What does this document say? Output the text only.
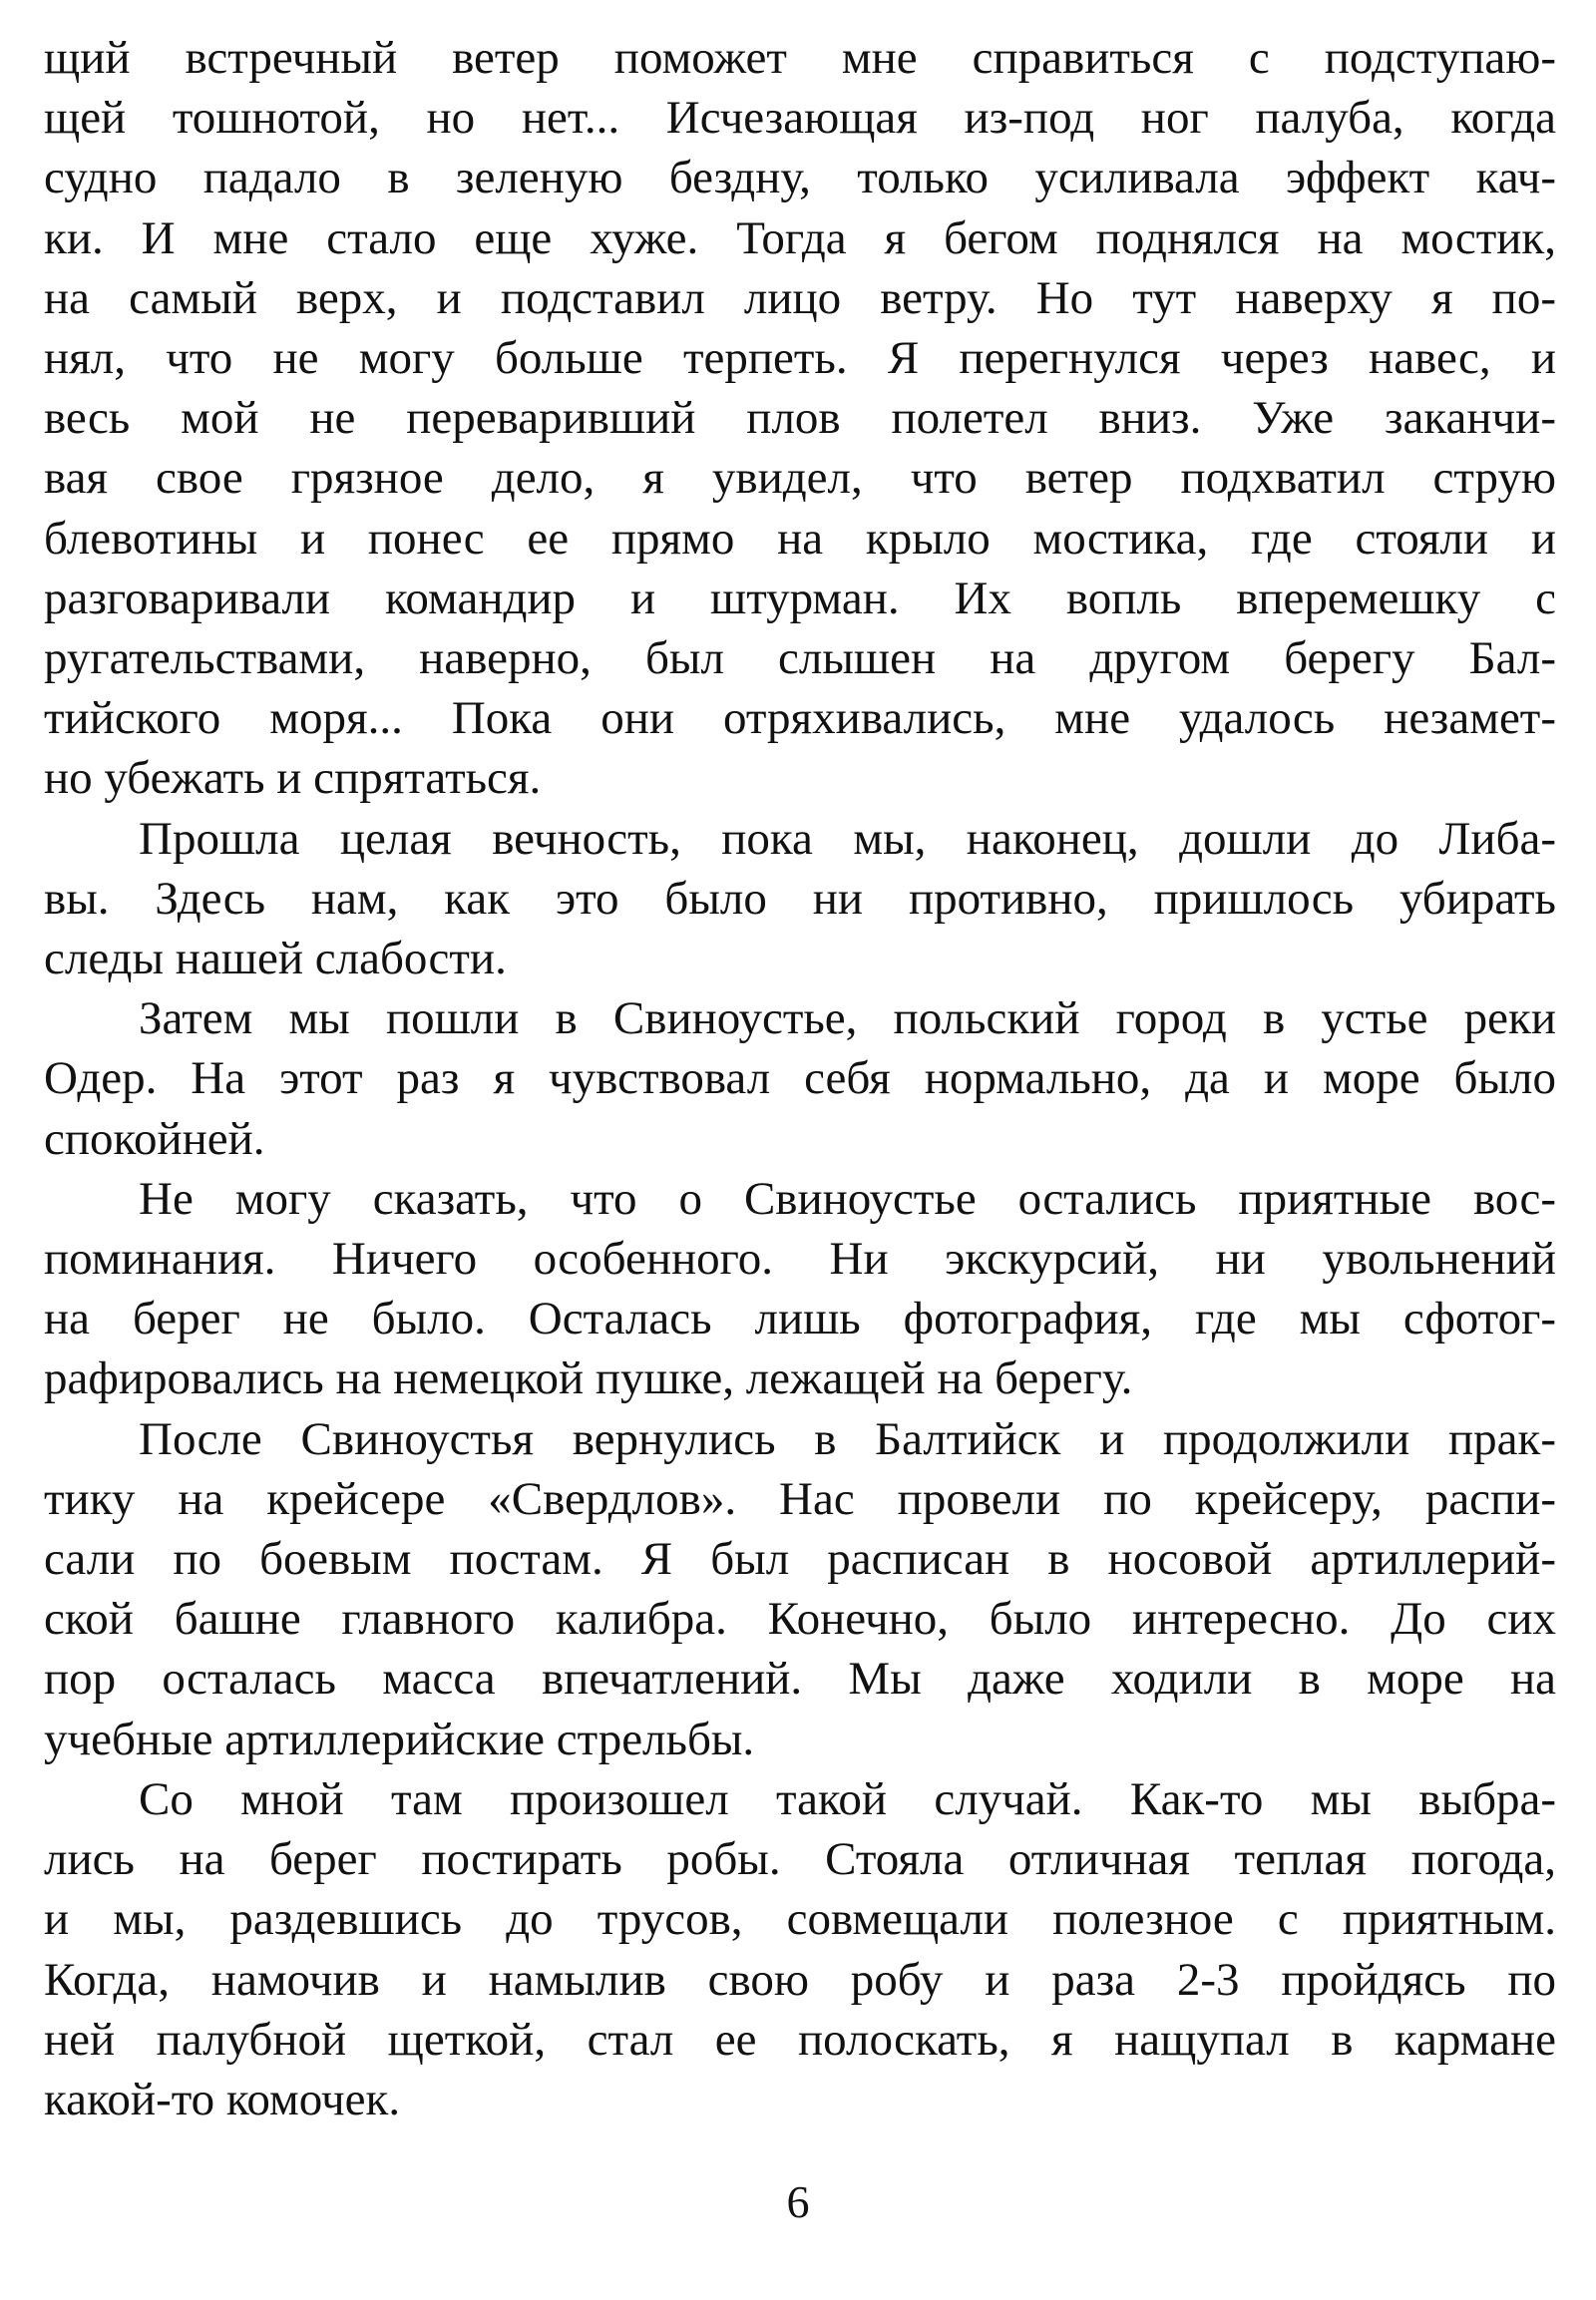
щий встречный ветер поможет мне справиться с подступаю-
щей тошнотой, но нет... Исчезающая из-под ног палуба, когда
судно падало в зеленую бездну, только усиливала эффект кач-
ки. И мне стало еще хуже. Тогда я бегом поднялся на мостик,
на самый верх, и подставил лицо ветру. Но тут наверху я по-
нял, что не могу больше терпеть. Я перегнулся через навес, и
весь мой не переваривший плов полетел вниз. Уже заканчи-
вая свое грязное дело, я увидел, что ветер подхватил струю
блевотины и понес ее прямо на крыло мостика, где стояли и
разговаривали командир и штурман. Их вопль вперемешку с
ругательствами, наверно, был слышен на другом берегу Бал-
тийского моря... Пока они отряхивались, мне удалось незамет-
но убежать и спрятаться.
Прошла целая вечность, пока мы, наконец, дошли до Либа-
вы. Здесь нам, как это было ни противно, пришлось убирать
следы нашей слабости.
Затем мы пошли в Свиноустье, польский город в устье реки
Одер. На этот раз я чувствовал себя нормально, да и море было
спокойней.
Не могу сказать, что о Свиноустье остались приятные вос-
поминания. Ничего особенного. Ни экскурсий, ни увольнений
на берег не было. Осталась лишь фотография, где мы сфотог-
рафировались на немецкой пушке, лежащей на берегу.
После Свиноустья вернулись в Балтийск и продолжили прак-
тику на крейсере «Свердлов». Нас провели по крейсеру, распи-
сали по боевым постам. Я был расписан в носовой артиллерий-
ской башне главного калибра. Конечно, было интересно. До сих
пор осталась масса впечатлений. Мы даже ходили в море на
учебные артиллерийские стрельбы.
Со мной там произошел такой случай. Как-то мы выбра-
лись на берег постирать робы. Стояла отличная теплая погода,
и мы, раздевшись до трусов, совмещали полезное с приятным.
Когда, намочив и намылив свою робу и раза 2-3 пройдясь по
ней палубной щеткой, стал ее полоскать, я нащупал в кармане
какой-то комочек.
6
